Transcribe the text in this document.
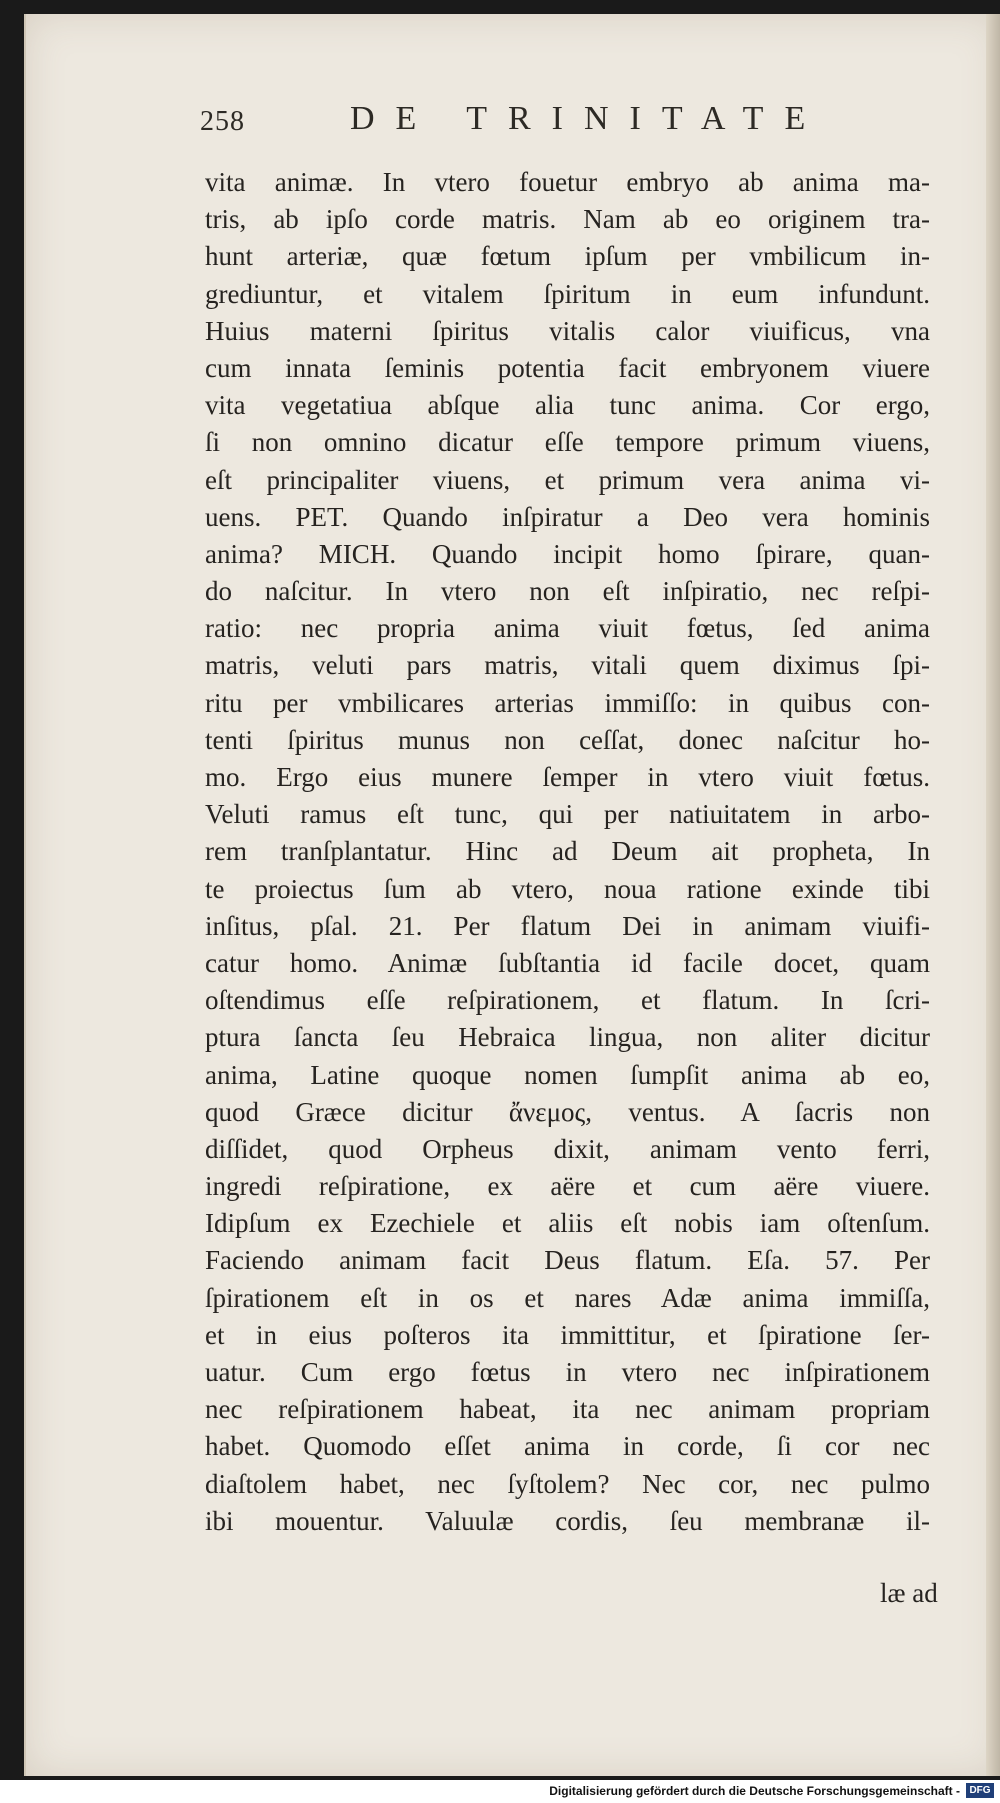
258	DE TRINITATE
vita animæ. In vtero fouetur embryo ab anima ma-
tris, ab ipſo corde matris. Nam ab eo originem tra-
hunt arteriæ, quæ fœtum ipſum per vmbilicum in-
grediuntur, et vitalem ſpiritum in eum infundunt.
Huius materni ſpiritus vitalis calor viuificus, vna
cum innata ſeminis potentia facit embryonem viuere
vita vegetatiua abſque alia tunc anima. Cor ergo,
ſi non omnino dicatur eſſe tempore primum viuens,
eſt principaliter viuens, et primum vera anima vi-
uens. PET. Quando inſpiratur a Deo vera hominis
anima? MICH. Quando incipit homo ſpirare, quan-
do naſcitur. In vtero non eſt inſpiratio, nec reſpi-
ratio: nec propria anima viuit fœtus, ſed anima
matris, veluti pars matris, vitali quem diximus ſpi-
ritu per vmbilicares arterias immiſſo: in quibus con-
tenti ſpiritus munus non ceſſat, donec naſcitur ho-
mo. Ergo eius munere ſemper in vtero viuit fœtus.
Veluti ramus eſt tunc, qui per natiuitatem in arbo-
rem tranſplantatur. Hinc ad Deum ait propheta, In
te proiectus ſum ab vtero, noua ratione exinde tibi
inſitus, pſal. 21. Per flatum Dei in animam viuifi-
catur homo. Animæ ſubſtantia id facile docet, quam
oſtendimus eſſe reſpirationem, et flatum. In ſcri-
ptura ſancta ſeu Hebraica lingua, non aliter dicitur
anima, Latine quoque nomen ſumpſit anima ab eo,
quod Græce dicitur ἄνεμος, ventus. A ſacris non
diſſidet, quod Orpheus dixit, animam vento ferri,
ingredi reſpiratione, ex aëre et cum aëre viuere.
Idipſum ex Ezechiele et aliis eſt nobis iam oſtenſum.
Faciendo animam facit Deus flatum. Eſa. 57. Per
ſpirationem eſt in os et nares Adæ anima immiſſa,
et in eius poſteros ita immittitur, et ſpiratione ſer-
uatur. Cum ergo fœtus in vtero nec inſpirationem
nec reſpirationem habeat, ita nec animam propriam
habet. Quomodo eſſet anima in corde, ſi cor nec
diaſtolem habet, nec ſyſtolem? Nec cor, nec pulmo
ibi mouentur. Valuulæ cordis, ſeu membranæ il-
læ ad
Digitalisierung gefördert durch die Deutsche Forschungsgemeinschaft - DFG
